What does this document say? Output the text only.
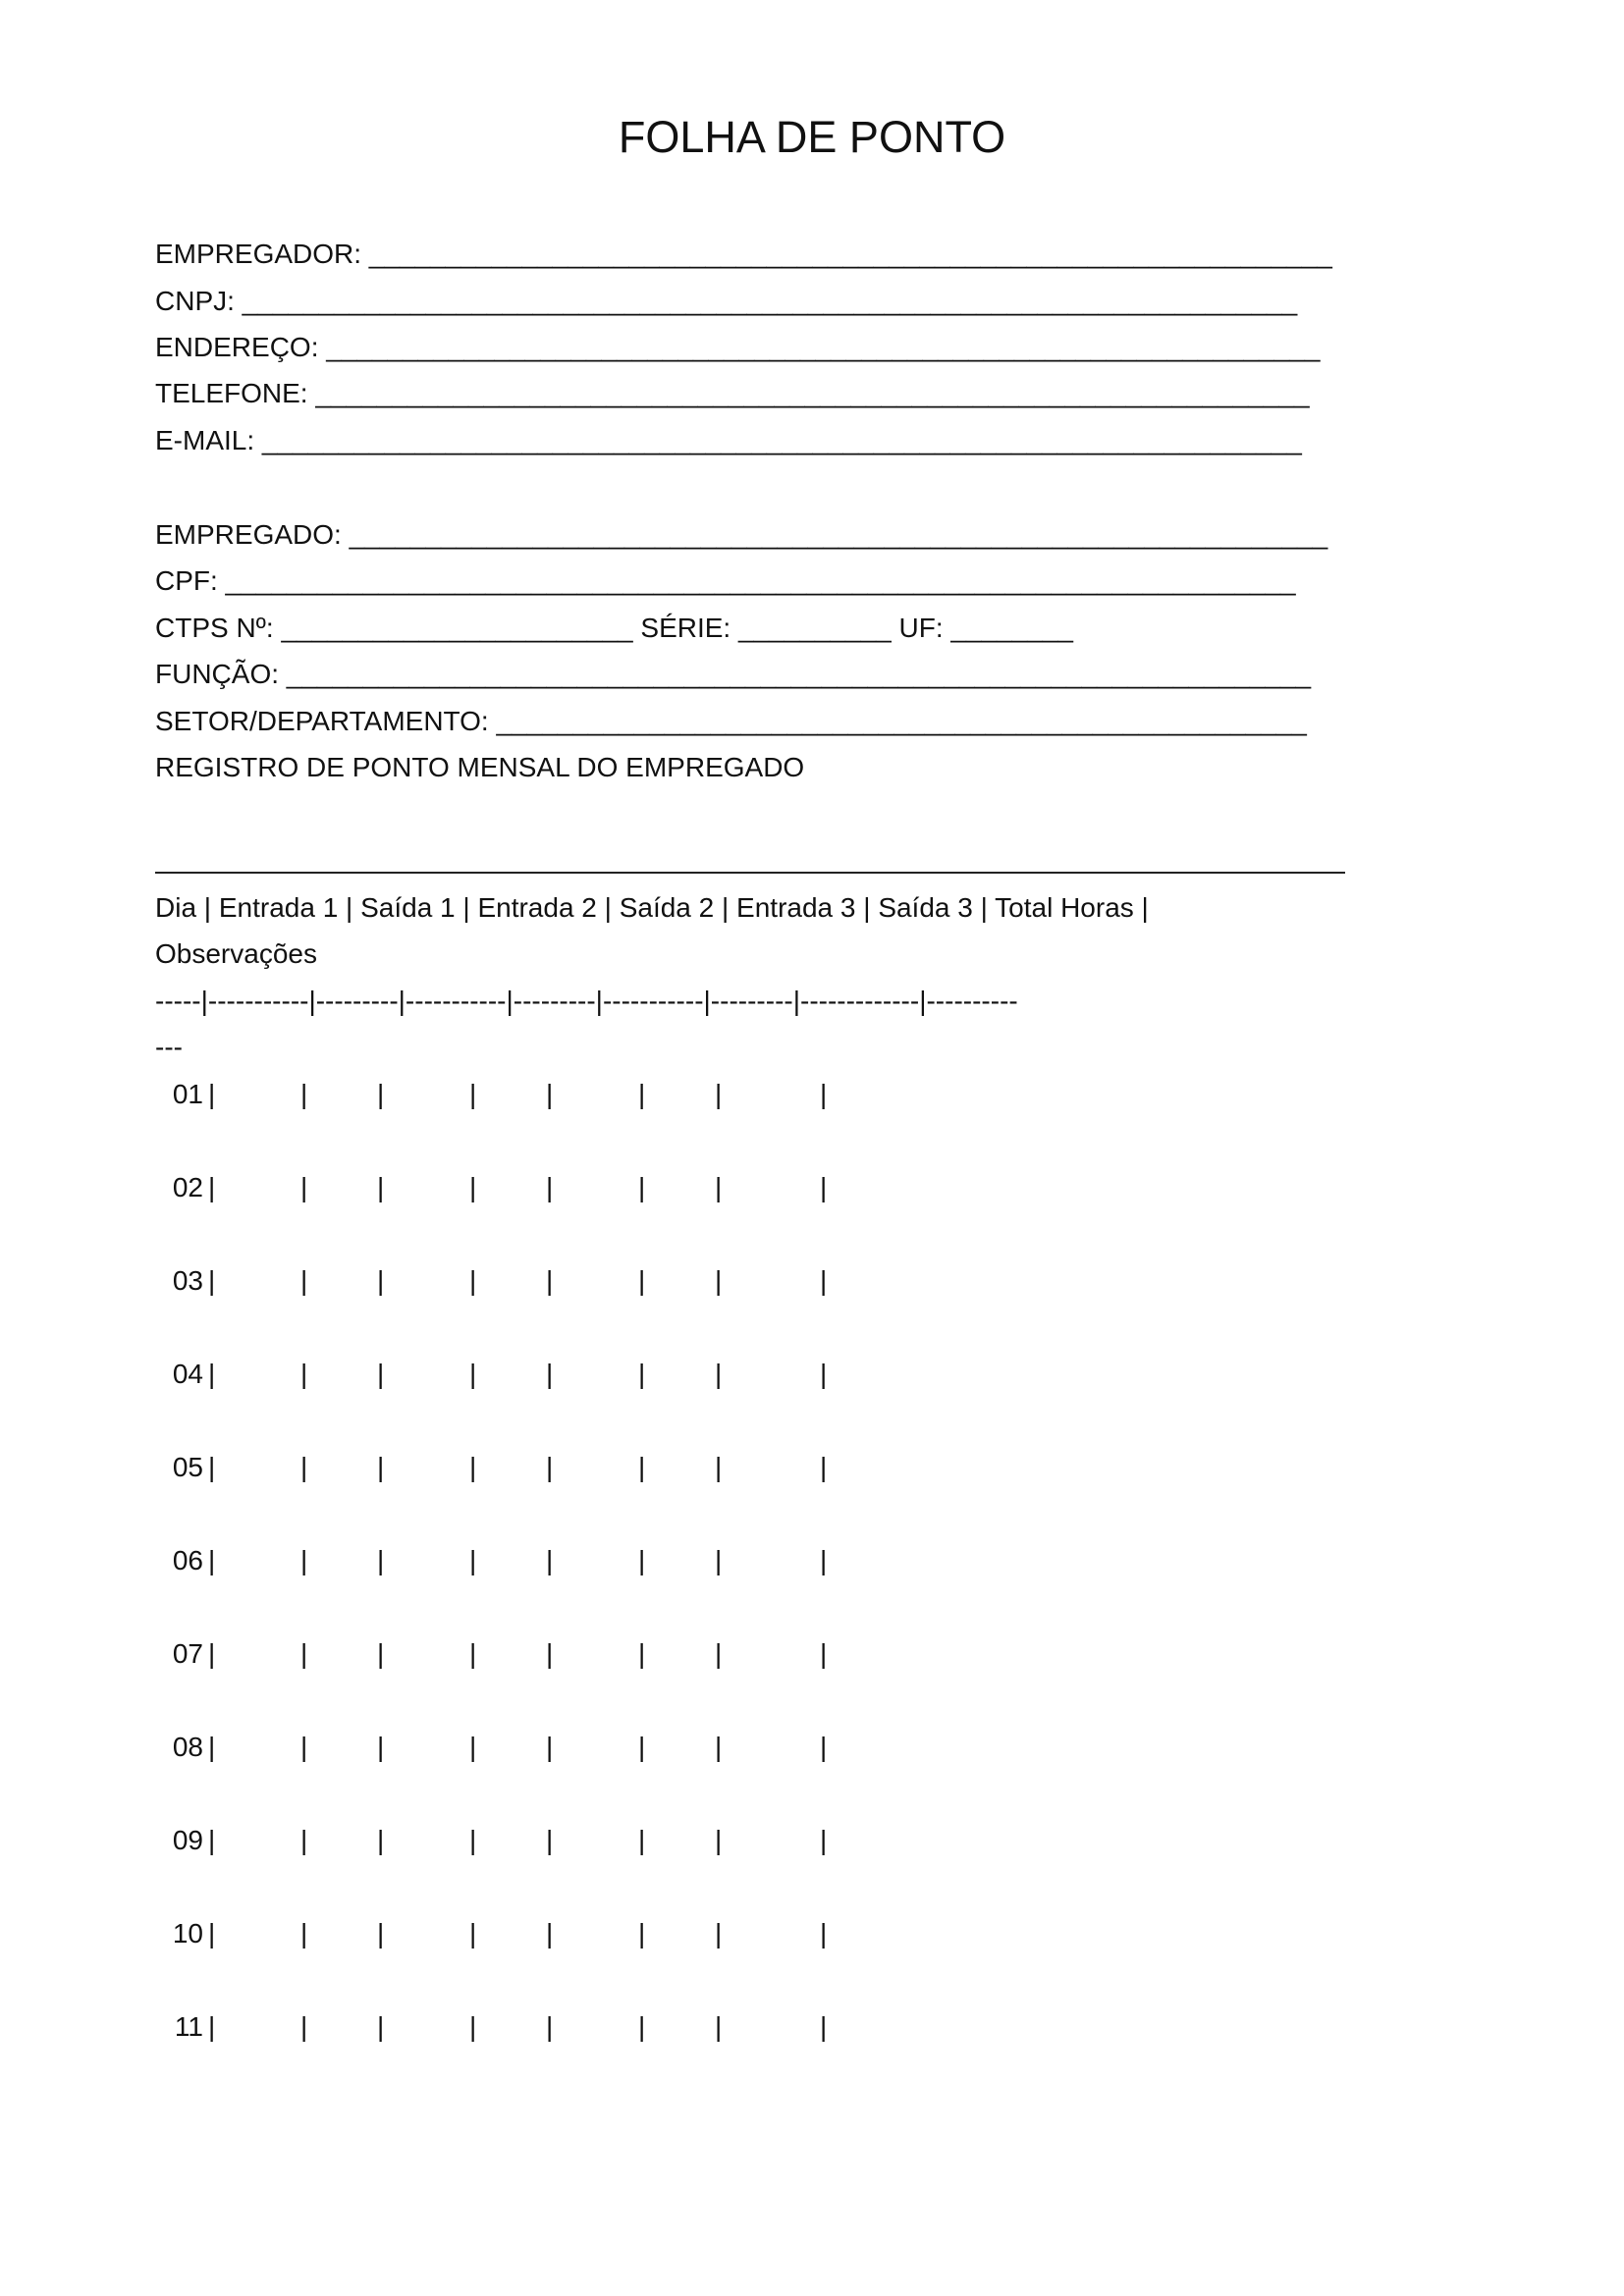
FOLHA DE PONTO
EMPREGADOR: _______________________________________________________________
CNPJ: _____________________________________________________________________
ENDEREÇO: _________________________________________________________________
TELEFONE: _________________________________________________________________
E-MAIL: ____________________________________________________________________
EMPREGADO: ________________________________________________________________
CPF: ______________________________________________________________________
CTPS Nº: _______________________ SÉRIE: __________ UF: ________
FUNÇÃO: ___________________________________________________________________
SETOR/DEPARTAMENTO: _____________________________________________________
REGISTRO DE PONTO MENSAL DO EMPREGADO
Dia | Entrada 1 | Saída 1 | Entrada 2 | Saída 2 | Entrada 3 | Saída 3 | Total Horas |
Observações
-----|-----------|---------|-----------|---------|-----------|---------|-------------|----------
---
01 |	|	|	|	|	|	|	|
02 |	|	|	|	|	|	|	|
03 |	|	|	|	|	|	|	|
04 |	|	|	|	|	|	|	|
05 |	|	|	|	|	|	|	|
06 |	|	|	|	|	|	|	|
07 |	|	|	|	|	|	|	|
08 |	|	|	|	|	|	|	|
09 |	|	|	|	|	|	|	|
10 |	|	|	|	|	|	|	|
11 |	|	|	|	|	|	|	|
